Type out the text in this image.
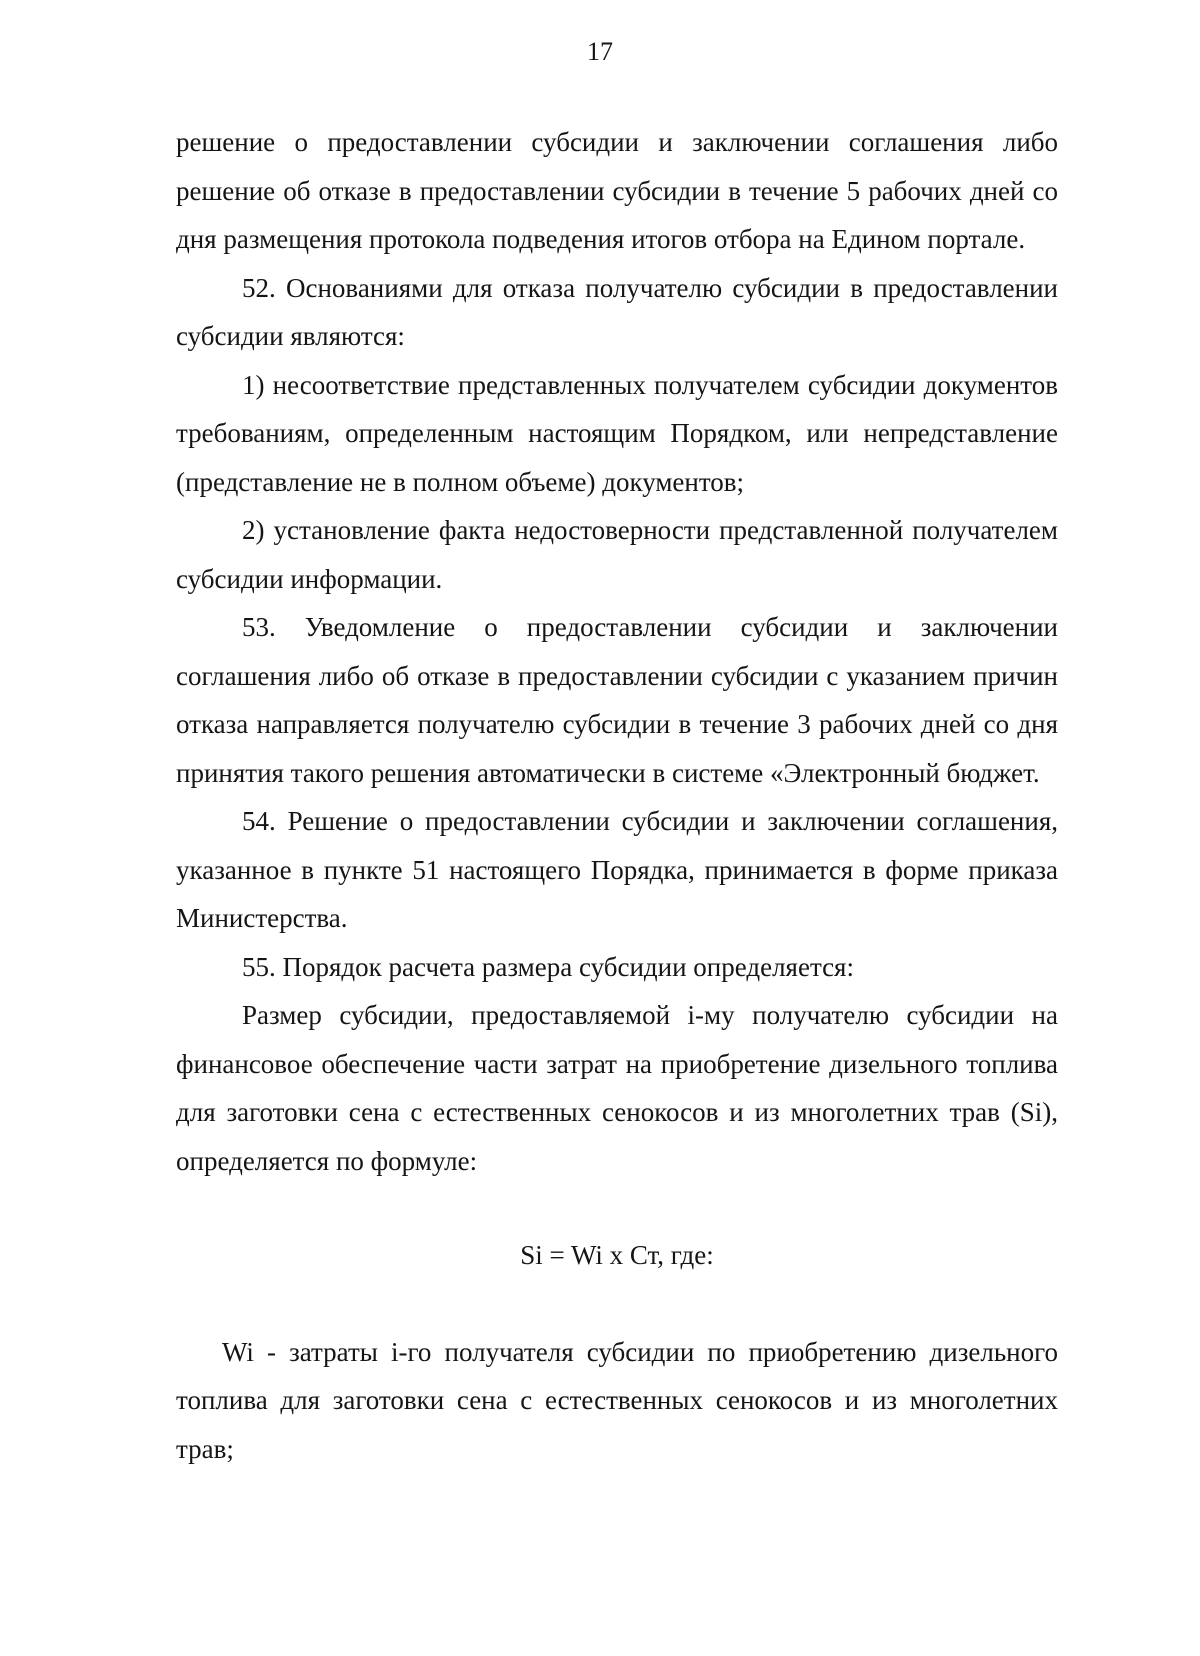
17

решение о предоставлении субсидии и заключении соглашения либо решение об отказе в предоставлении субсидии в течение 5 рабочих дней со дня размещения протокола подведения итогов отбора на Едином портале.

52. Основаниями для отказа получателю субсидии в предоставлении субсидии являются:

1) несоответствие представленных получателем субсидии документов требованиям, определенным настоящим Порядком, или непредставление (представление не в полном объеме) документов;

2) установление факта недостоверности представленной получателем субсидии информации.

53. Уведомление о предоставлении субсидии и заключении соглашения либо об отказе в предоставлении субсидии с указанием причин отказа направляется получателю субсидии в течение 3 рабочих дней со дня принятия такого решения автоматически в системе «Электронный бюджет.

54. Решение о предоставлении субсидии и заключении соглашения, указанное в пункте 51 настоящего Порядка, принимается в форме приказа Министерства.

55. Порядок расчета размера субсидии определяется:

Размер субсидии, предоставляемой i-му получателю субсидии на финансовое обеспечение части затрат на приобретение дизельного топлива для заготовки сена с естественных сенокосов и из многолетних трав (Si), определяется по формуле:

Si = Wi x Ст, где:

Wi - затраты i-го получателя субсидии по приобретению дизельного топлива для заготовки сена с естественных сенокосов и из многолетних трав;
